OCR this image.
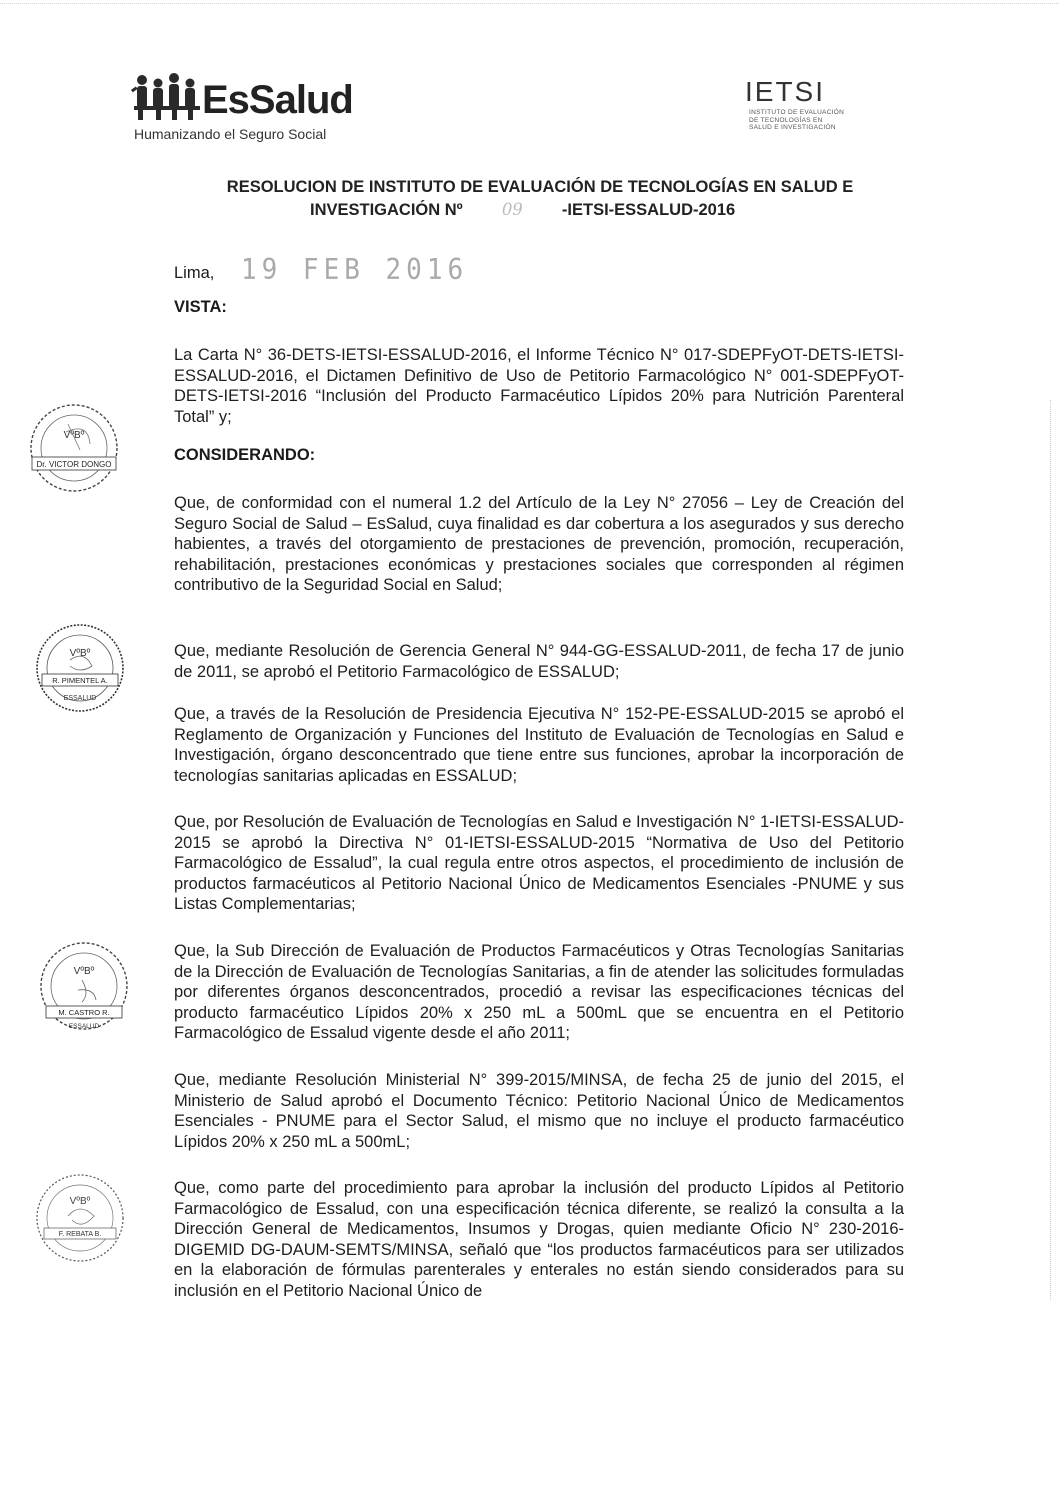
EsSalud
Humanizando el Seguro Social
IETSI
INSTITUTO DE EVALUACIÓN DE TECNOLOGÍAS EN SALUD E INVESTIGACIÓN
RESOLUCION DE INSTITUTO DE EVALUACIÓN DE TECNOLOGÍAS EN SALUD E
INVESTIGACIÓN Nº 09 -IETSI-ESSALUD-2016
Lima, 19 FEB 2016
VISTA:
La Carta N° 36-DETS-IETSI-ESSALUD-2016, el Informe Técnico N° 017-SDEPFyOT-DETS-IETSI-ESSALUD-2016, el Dictamen Definitivo de Uso de Petitorio Farmacológico N° 001-SDEPFyOT-DETS-IETSI-2016 “Inclusión del Producto Farmacéutico Lípidos 20% para Nutrición Parenteral Total” y;
CONSIDERANDO:
Que, de conformidad con el numeral 1.2 del Artículo de la Ley N° 27056 – Ley de Creación del Seguro Social de Salud – EsSalud, cuya finalidad es dar cobertura a los asegurados y sus derecho habientes, a través del otorgamiento de prestaciones de prevención, promoción, recuperación, rehabilitación, prestaciones económicas y prestaciones sociales que corresponden al régimen contributivo de la Seguridad Social en Salud;
Que, mediante Resolución de Gerencia General N° 944-GG-ESSALUD-2011, de fecha 17 de junio de 2011, se aprobó el Petitorio Farmacológico de ESSALUD;
Que, a través de la Resolución de Presidencia Ejecutiva N° 152-PE-ESSALUD-2015 se aprobó el Reglamento de Organización y Funciones del Instituto de Evaluación de Tecnologías en Salud e Investigación, órgano desconcentrado que tiene entre sus funciones, aprobar la incorporación de tecnologías sanitarias aplicadas en ESSALUD;
Que, por Resolución de Evaluación de Tecnologías en Salud e Investigación N° 1-IETSI-ESSALUD-2015 se aprobó la Directiva N° 01-IETSI-ESSALUD-2015 “Normativa de Uso del Petitorio Farmacológico de Essalud”, la cual regula entre otros aspectos, el procedimiento de inclusión de productos farmacéuticos al Petitorio Nacional Único de Medicamentos Esenciales -PNUME y sus Listas Complementarias;
Que, la Sub Dirección de Evaluación de Productos Farmacéuticos y Otras Tecnologías Sanitarias de la Dirección de Evaluación de Tecnologías Sanitarias, a fin de atender las solicitudes formuladas por diferentes órganos desconcentrados, procedió a revisar las especificaciones técnicas del producto farmacéutico Lípidos 20% x 250 mL a 500mL que se encuentra en el Petitorio Farmacológico de Essalud vigente desde el año 2011;
Que, mediante Resolución Ministerial N° 399-2015/MINSA, de fecha 25 de junio del 2015, el Ministerio de Salud aprobó el Documento Técnico: Petitorio Nacional Único de Medicamentos Esenciales - PNUME para el Sector Salud, el mismo que no incluye el producto farmacéutico Lípidos 20% x 250 mL a 500mL;
Que, como parte del procedimiento para aprobar la inclusión del producto Lípidos al Petitorio Farmacológico de Essalud, con una especificación técnica diferente, se realizó la consulta a la Dirección General de Medicamentos, Insumos y Drogas, quien mediante Oficio N° 230-2016-DIGEMID DG-DAUM-SEMTS/MINSA, señaló que “los productos farmacéuticos para ser utilizados en la elaboración de fórmulas parenterales y enterales no están siendo considerados para su inclusión en el Petitorio Nacional Único de
VºBº
Dr. VICTOR DONGO
VºBº
R. PIMENTEL A.
ESSALUD
VºBº
M. CASTRO R.
ESSALUD
VºBº
F. REBATA B.
